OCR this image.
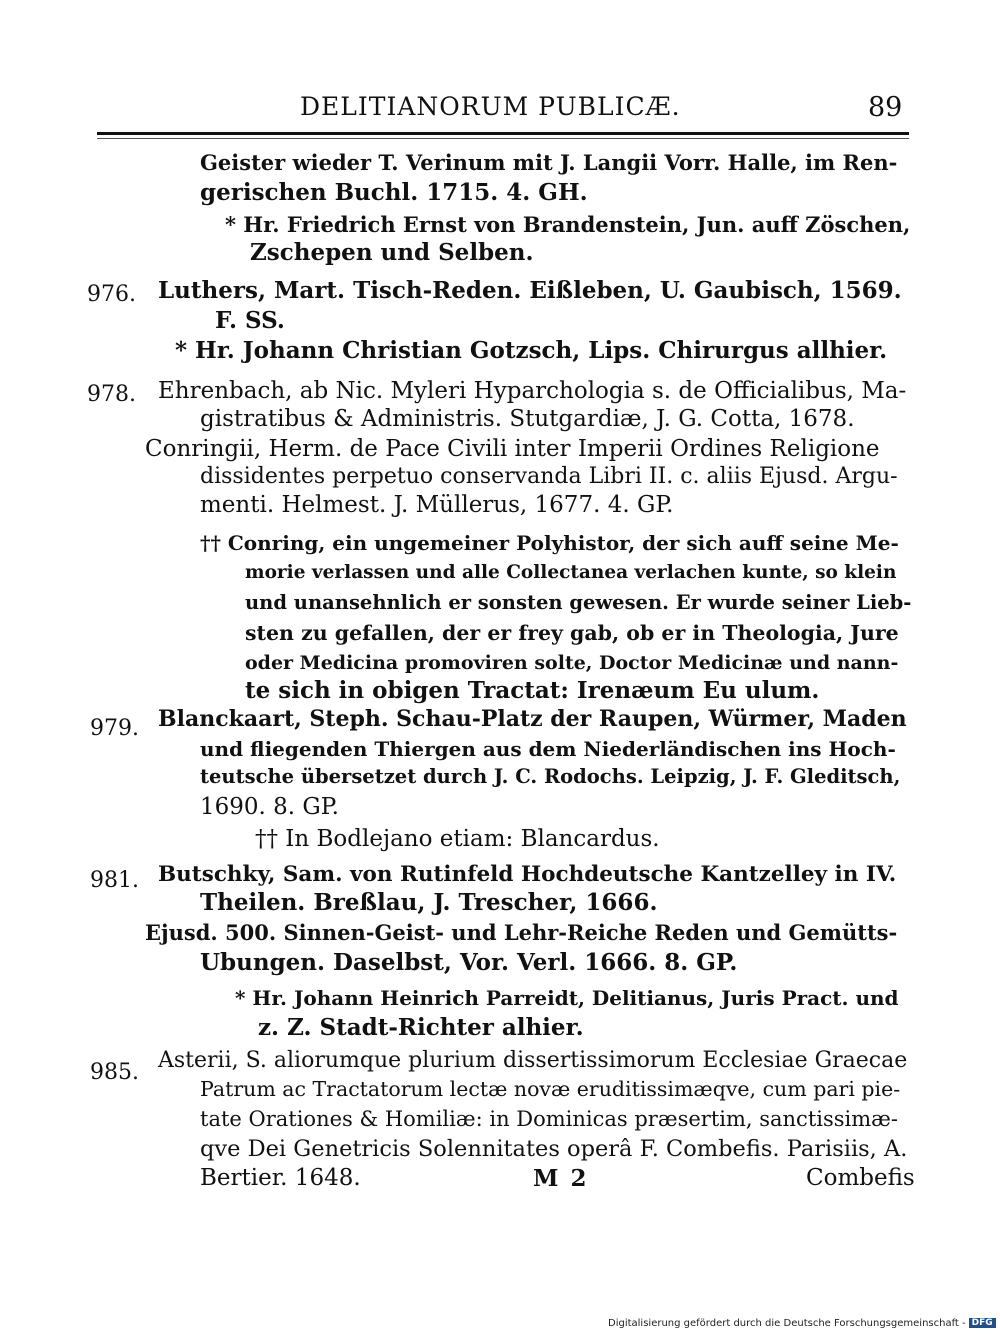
DELITIANORUM PUBLICÆ.	89
Geister wieder T. Verinum mit J. Langii Vorr. Halle, im Ren-
gerischen Buchl. 1715. 4. GH.
* Hr. Friedrich Ernst von Brandenstein, Jun. auff Zöschen,
Zschepen und Selben.
976. Luthers, Mart. Tisch-Reden. Eißleben, U. Gaubisch, 1569.
F. SS.
* Hr. Johann Christian Gotzsch, Lips. Chirurgus allhier.
978. Ehrenbach, ab Nic. Myleri Hyparchologia s. de Officialibus, Ma-
gistratibus & Administris. Stutgardiæ, J. G. Cotta, 1678.
Conringii, Herm. de Pace Civili inter Imperii Ordines Religione
dissidentes perpetuo conservanda Libri II. c. aliis Ejusd. Argu-
menti. Helmest. J. Müllerus, 1677. 4. GP.
†† Conring, ein ungemeiner Polyhistor, der sich auff seine Me-
morie verlassen und alle Collectanea verlachen kunte, so klein
und unansehnlich er sonsten gewesen. Er wurde seiner Lieb-
sten zu gefallen, der er frey gab, ob er in Theologia, Jure
oder Medicina promoviren solte, Doctor Medicinæ und nann-
te sich in obigen Tractat: Irenæum Eu ulum.
979. Blanckaart, Steph. Schau-Platz der Raupen, Würmer, Maden
und fliegenden Thiergen aus dem Niederländischen ins Hoch-
teutsche übersetzet durch J. C. Rodochs. Leipzig, J. F. Gleditsch,
1690. 8. GP.
†† In Bodlejano etiam: Blancardus.
981. Butschky, Sam. von Rutinfeld Hochdeutsche Kantzelley in IV.
Theilen. Breßlau, J. Trescher, 1666.
Ejusd. 500. Sinnen-Geist- und Lehr-Reiche Reden und Gemütts-
Ubungen. Daselbst, Vor. Verl. 1666. 8. GP.
* Hr. Johann Heinrich Parreidt, Delitianus, Juris Pract. und
z. Z. Stadt-Richter alhier.
985. Asterii, S. aliorumque plurium dissertissimorum Ecclesiae Graecae
Patrum ac Tractatorum lectæ novæ eruditissimæqve, cum pari pie-
tate Orationes & Homiliæ: in Dominicas præsertim, sanctissimæ-
qve Dei Genetricis Solennitates operâ F. Combefis. Parisiis, A.
Bertier. 1648.	M 2	Combefis
Digitalisierung gefördert durch die Deutsche Forschungsgemeinschaft - DFG
